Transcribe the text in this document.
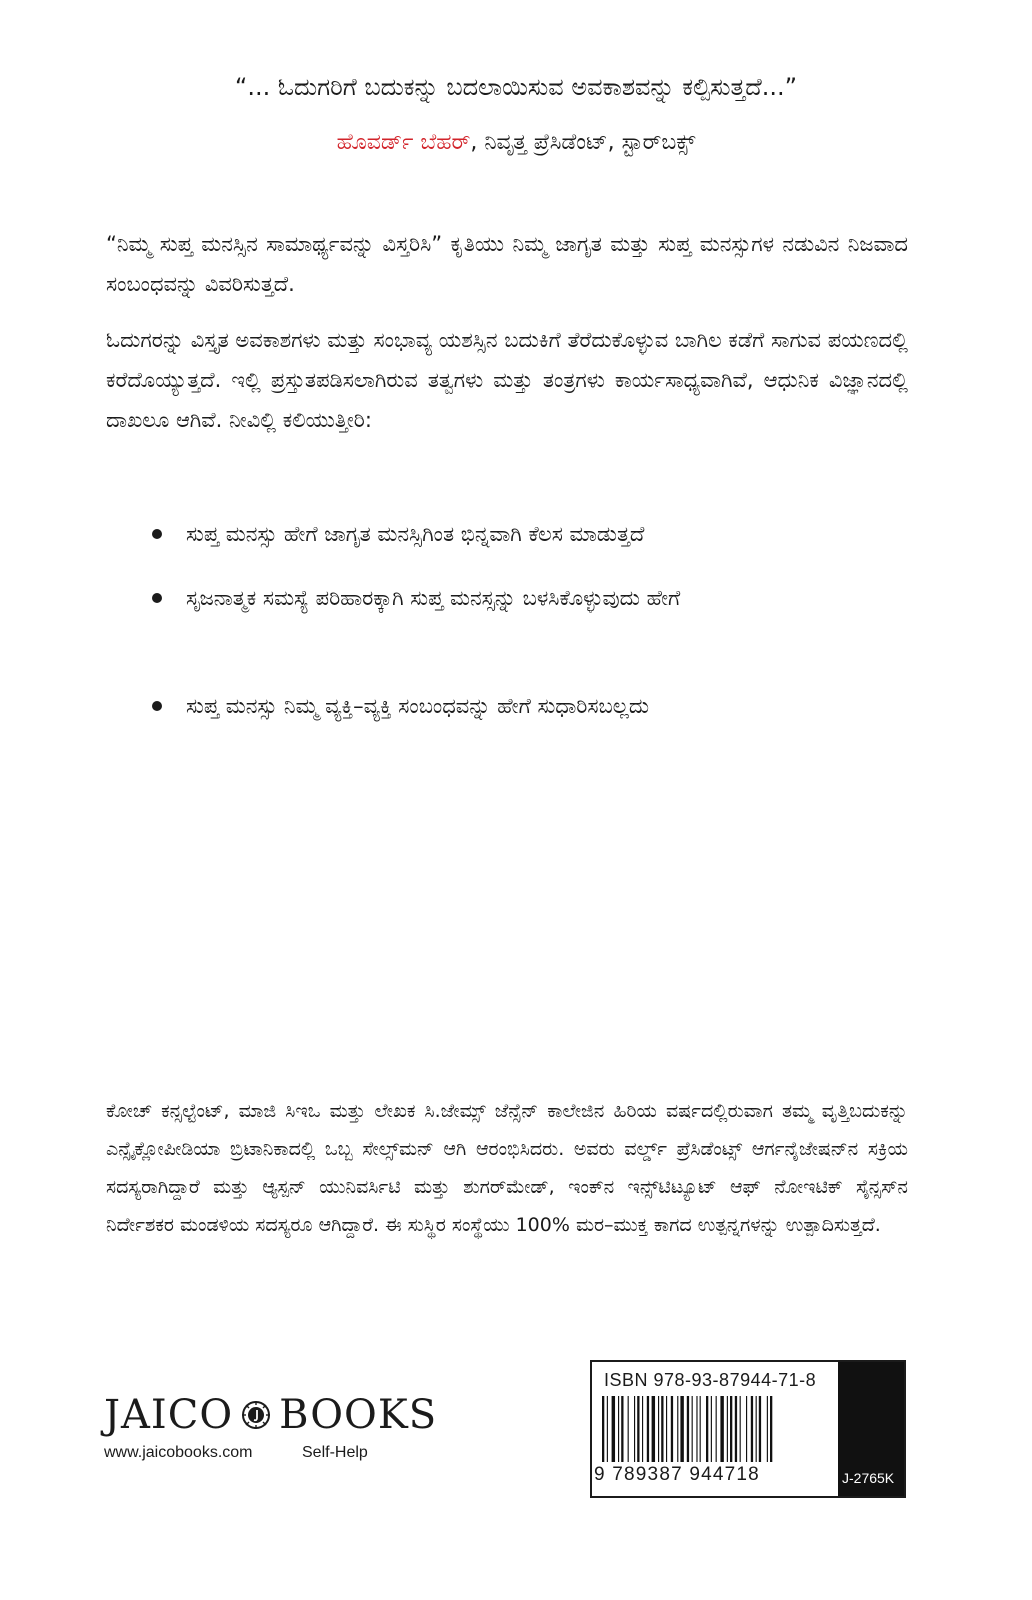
“... ಓದುಗರಿಗೆ ಬದುಕನ್ನು ಬದಲಾಯಿಸುವ ಅವಕಾಶವನ್ನು ಕಲ್ಪಿಸುತ್ತದೆ...”
ಹೊವರ್ಡ್ ಬೆಹರ್, ನಿವೃತ್ತ ಪ್ರೆಸಿಡೆಂಟ್, ಸ್ಟಾರ್‌ಬಕ್ಸ್

“ನಿಮ್ಮ ಸುಪ್ತ ಮನಸ್ಸಿನ ಸಾಮಾರ್ಥ್ಯವನ್ನು ವಿಸ್ತರಿಸಿ” ಕೃತಿಯು ನಿಮ್ಮ ಜಾಗೃತ ಮತ್ತು ಸುಪ್ತ ಮನಸ್ಸುಗಳ ನಡುವಿನ ನಿಜವಾದ ಸಂಬಂಧವನ್ನು ವಿವರಿಸುತ್ತದೆ.

ಓದುಗರನ್ನು ವಿಸ್ತೃತ ಅವಕಾಶಗಳು ಮತ್ತು ಸಂಭಾವ್ಯ ಯಶಸ್ಸಿನ ಬದುಕಿಗೆ ತೆರೆದುಕೊಳ್ಳುವ ಬಾಗಿಲ ಕಡೆಗೆ ಸಾಗುವ ಪಯಣದಲ್ಲಿ ಕರೆದೊಯ್ಯುತ್ತದೆ. ಇಲ್ಲಿ ಪ್ರಸ್ತುತಪಡಿಸಲಾಗಿರುವ ತತ್ವಗಳು ಮತ್ತು ತಂತ್ರಗಳು ಕಾರ್ಯಸಾಧ್ಯವಾಗಿವೆ, ಆಧುನಿಕ ವಿಜ್ಞಾನದಲ್ಲಿ ದಾಖಲೂ ಆಗಿವೆ. ನೀವಿಲ್ಲಿ ಕಲಿಯುತ್ತೀರಿ:

ಸುಪ್ತ ಮನಸ್ಸು ಹೇಗೆ ಜಾಗೃತ ಮನಸ್ಸಿಗಿಂತ ಭಿನ್ನವಾಗಿ ಕೆಲಸ ಮಾಡುತ್ತದೆ
ಸೃಜನಾತ್ಮಕ ಸಮಸ್ಯೆ ಪರಿಹಾರಕ್ಕಾಗಿ ಸುಪ್ತ ಮನಸ್ಸನ್ನು ಬಳಸಿಕೊಳ್ಳುವುದು ಹೇಗೆ
ಸುಪ್ತ ಮನಸ್ಸು ನಿಮ್ಮ ವ್ಯಕ್ತಿ–ವ್ಯಕ್ತಿ ಸಂಬಂಧವನ್ನು ಹೇಗೆ ಸುಧಾರಿಸಬಲ್ಲದು

ಕೋಚ್ ಕನ್ಸಲ್ಟೆಂಟ್, ಮಾಜಿ ಸಿಇಒ ಮತ್ತು ಲೇಖಕ ಸಿ.ಜೇಮ್ಸ್ ಜೆನ್ಸೆನ್ ಕಾಲೇಜಿನ ಹಿರಿಯ ವರ್ಷದಲ್ಲಿರುವಾಗ ತಮ್ಮ ವೃತ್ತಿಬದುಕನ್ನು ಎನ್ಸೈಕ್ಲೋಪೀಡಿಯಾ ಬ್ರಿಟಾನಿಕಾದಲ್ಲಿ ಒಬ್ಬ ಸೇಲ್ಸ್‌ಮನ್ ಆಗಿ ಆರಂಭಿಸಿದರು. ಅವರು ವರ್ಲ್ಡ್ ಪ್ರೆಸಿಡೆಂಟ್ಸ್ ಆರ್ಗನೈಜೇಷನ್‌ನ ಸಕ್ರಿಯ ಸದಸ್ಯರಾಗಿದ್ದಾರೆ ಮತ್ತು ಆ್ಯಸ್ಪನ್ ಯುನಿವರ್ಸಿಟಿ ಮತ್ತು ಶುಗರ್‌ಮೇಡ್, ಇಂಕ್‌ನ ಇನ್ಸ್‌ಟಿಟ್ಯೂಟ್ ಆಫ್ ನೋಇಟಿಕ್ ಸೈನ್ಸಸ್‌ನ ನಿರ್ದೇಶಕರ ಮಂಡಳಿಯ ಸದಸ್ಯರೂ ಆಗಿದ್ದಾರೆ. ಈ ಸುಸ್ಥಿರ ಸಂಸ್ಥೆಯು 100% ಮರ–ಮುಕ್ತ ಕಾಗದ ಉತ್ಪನ್ನಗಳನ್ನು ಉತ್ಪಾದಿಸುತ್ತದೆ.

JAICO BOOKS
www.jaicobooks.com	Self-Help
ISBN 978-93-87944-71-8
9 789387 944718	J-2765K
